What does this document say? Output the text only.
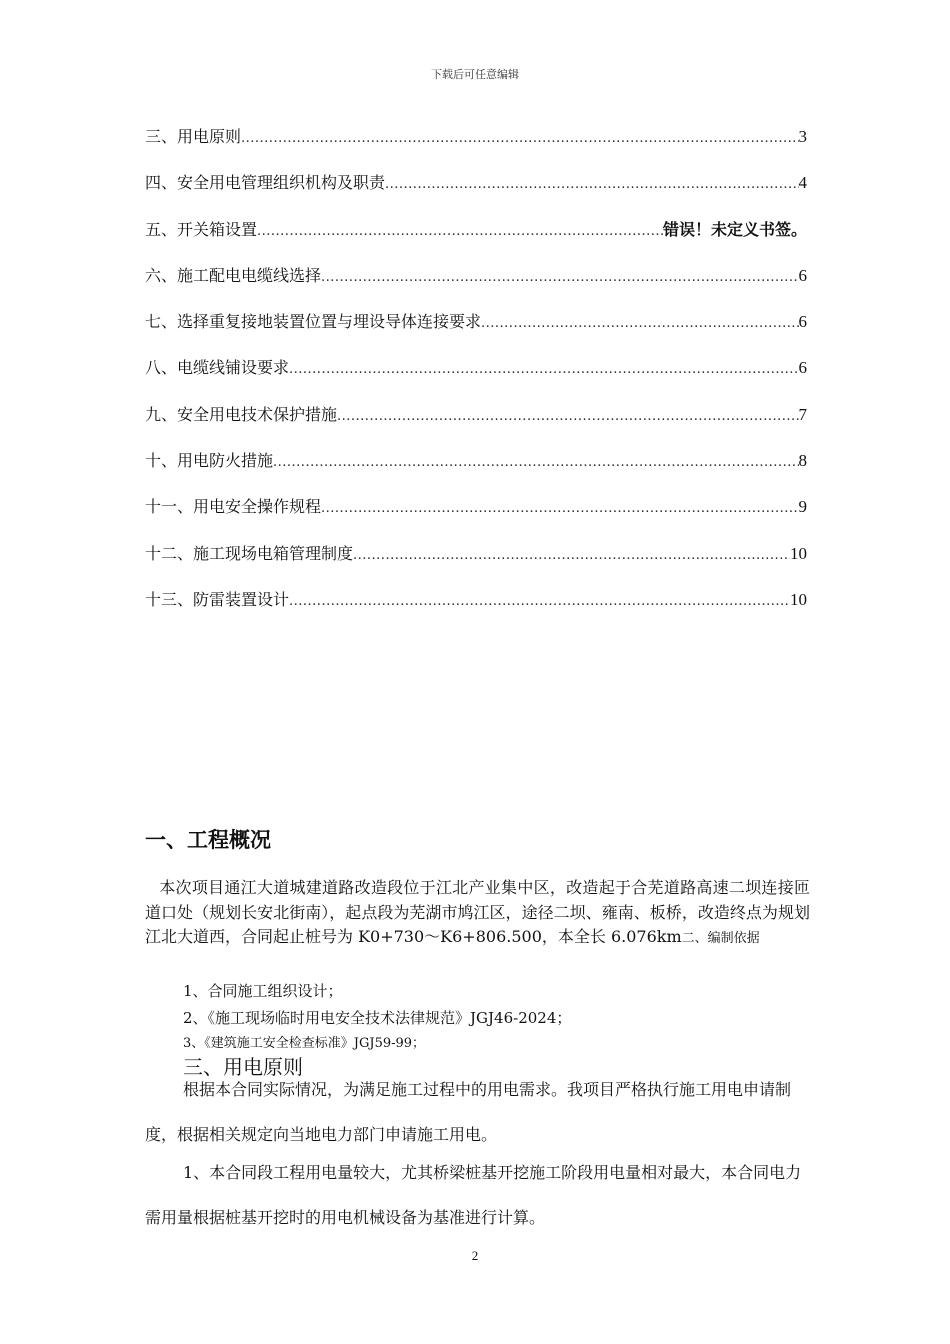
下载后可任意编辑
三、用电原则 .....	3
四、安全用电管理组织机构及职责 .....	4
五、开关箱设置 .....	错误！未定义书签。
六、施工配电电缆线选择 .....	6
七、选择重复接地装置位置与埋设导体连接要求 .....	6
八、电缆线铺设要求 .....	6
九、安全用电技术保护措施 .....	7
十、用电防火措施 .....	8
十一、用电安全操作规程 .....	9
十二、施工现场电箱管理制度 .....	10
十三、防雷装置设计 .....	10
一、工程概况
本次项目通江大道城建道路改造段位于江北产业集中区，改造起于合芜道路高速二坝连接匝道口处（规划长安北街南），起点段为芜湖市鸠江区，途径二坝、雍南、板桥，改造终点为规划江北大道西，合同起止桩号为 K0+730～K6+806.500，本全长 6.076km二、编制依据
1、合同施工组织设计；
2、《施工现场临时用电安全技术法律规范》JGJ46-2024；
3、《建筑施工安全检查标准》JGJ59-99；
三、用电原则
根据本合同实际情况，为满足施工过程中的用电需求。我项目严格执行施工用电申请制度，根据相关规定向当地电力部门申请施工用电。
1、本合同段工程用电量较大，尤其桥梁桩基开挖施工阶段用电量相对最大，本合同电力需用量根据桩基开挖时的用电机械设备为基准进行计算。
2
